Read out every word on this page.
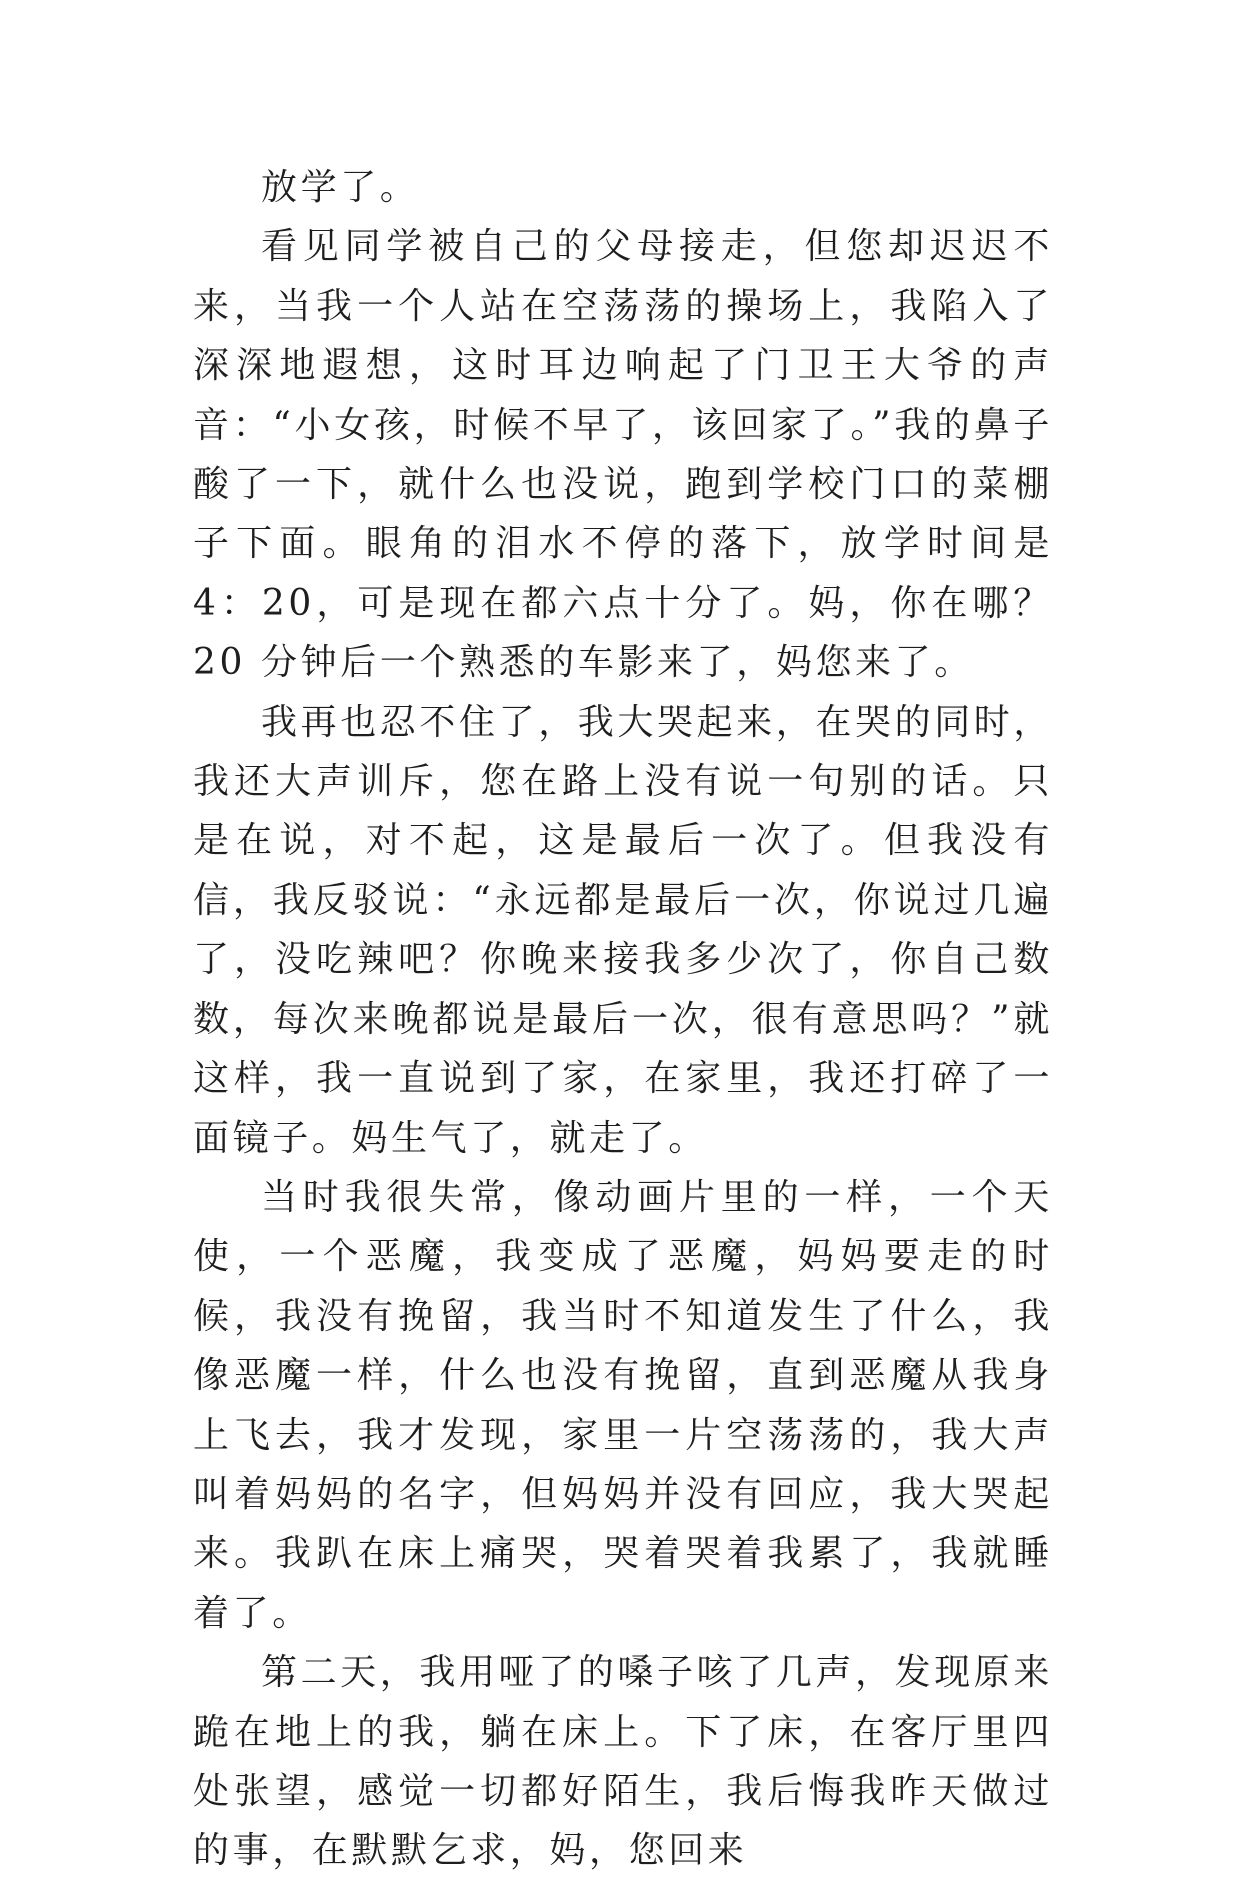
放学了。

看见同学被自己的父母接走，但您却迟迟不来，当我一个人站在空荡荡的操场上，我陷入了深深地遐想，这时耳边响起了门卫王大爷的声音：“小女孩，时候不早了，该回家了。”我的鼻子酸了一下，就什么也没说，跑到学校门口的菜棚子下面。眼角的泪水不停的落下，放学时间是 4：20，可是现在都六点十分了。妈，你在哪？20 分钟后一个熟悉的车影来了，妈您来了。

我再也忍不住了，我大哭起来，在哭的同时，我还大声训斥，您在路上没有说一句别的话。只是在说，对不起，这是最后一次了。但我没有信，我反驳说：“永远都是最后一次，你说过几遍了，没吃辣吧？你晚来接我多少次了，你自己数数，每次来晚都说是最后一次，很有意思吗？”就这样，我一直说到了家，在家里，我还打碎了一面镜子。妈生气了，就走了。

当时我很失常，像动画片里的一样，一个天使，一个恶魔，我变成了恶魔，妈妈要走的时候，我没有挽留，我当时不知道发生了什么，我像恶魔一样，什么也没有挽留，直到恶魔从我身上飞去，我才发现，家里一片空荡荡的，我大声叫着妈妈的名字，但妈妈并没有回应，我大哭起来。我趴在床上痛哭，哭着哭着我累了，我就睡着了。

第二天，我用哑了的嗓子咳了几声，发现原来跪在地上的我，躺在床上。下了床，在客厅里四处张望，感觉一切都好陌生，我后悔我昨天做过的事，在默默乞求，妈，您回来
